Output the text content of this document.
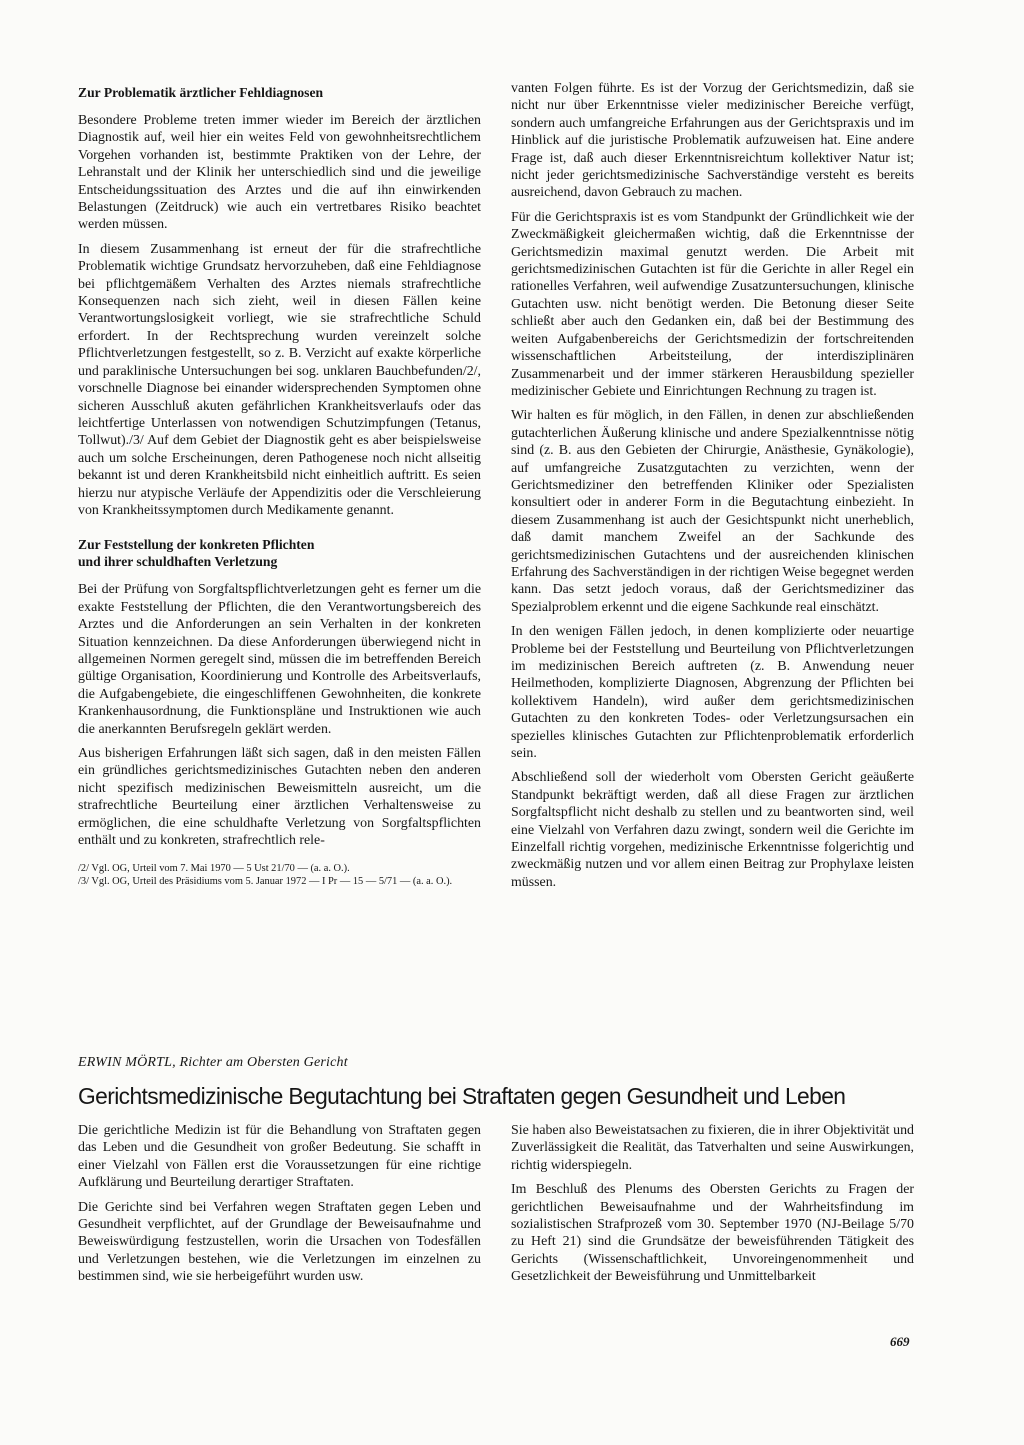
Zur Problematik ärztlicher Fehldiagnosen

Besondere Probleme treten immer wieder im Bereich der ärztlichen Diagnostik auf, weil hier ein weites Feld von gewohnheitsrechtlichem Vorgehen vorhanden ist, bestimmte Praktiken von der Lehre, der Lehranstalt und der Klinik her unterschiedlich sind und die jeweilige Entscheidungssituation des Arztes und die auf ihn einwirkenden Belastungen (Zeitdruck) wie auch ein vertretbares Risiko beachtet werden müssen.

In diesem Zusammenhang ist erneut der für die strafrechtliche Problematik wichtige Grundsatz hervorzuheben, daß eine Fehldiagnose bei pflichtgemäßem Verhalten des Arztes niemals strafrechtliche Konsequenzen nach sich zieht, weil in diesen Fällen keine Verantwortungslosigkeit vorliegt, wie sie strafrechtliche Schuld erfordert. In der Rechtsprechung wurden vereinzelt solche Pflichtverletzungen festgestellt, so z. B. Verzicht auf exakte körperliche und paraklinische Untersuchungen bei sog. unklaren Bauchbefunden/2/, vorschnelle Diagnose bei einander widersprechenden Symptomen ohne sicheren Ausschluß akuten gefährlichen Krankheitsverlaufs oder das leichtfertige Unterlassen von notwendigen Schutzimpfungen (Tetanus, Tollwut)./3/ Auf dem Gebiet der Diagnostik geht es aber beispielsweise auch um solche Erscheinungen, deren Pathogenese noch nicht allseitig bekannt ist und deren Krankheitsbild nicht einheitlich auftritt. Es seien hierzu nur atypische Verläufe der Appendizitis oder die Verschleierung von Krankheitssymptomen durch Medikamente genannt.

Zur Feststellung der konkreten Pflichten
und ihrer schuldhaften Verletzung

Bei der Prüfung von Sorgfaltspflichtverletzungen geht es ferner um die exakte Feststellung der Pflichten, die den Verantwortungsbereich des Arztes und die Anforderungen an sein Verhalten in der konkreten Situation kennzeichnen. Da diese Anforderungen überwiegend nicht in allgemeinen Normen geregelt sind, müssen die im betreffenden Bereich gültige Organisation, Koordinierung und Kontrolle des Arbeitsverlaufs, die Aufgabengebiete, die eingeschliffenen Gewohnheiten, die konkrete Krankenhausordnung, die Funktionspläne und Instruktionen wie auch die anerkannten Berufsregeln geklärt werden.

Aus bisherigen Erfahrungen läßt sich sagen, daß in den meisten Fällen ein gründliches gerichtsmedizinisches Gutachten neben den anderen nicht spezifisch medizinischen Beweismitteln ausreicht, um die strafrechtliche Beurteilung einer ärztlichen Verhaltensweise zu ermöglichen, die eine schuldhafte Verletzung von Sorgfaltspflichten enthält und zu konkreten, strafrechtlich rele-

/2/ Vgl. OG, Urteil vom 7. Mai 1970 — 5 Ust 21/70 — (a. a. O.).
/3/ Vgl. OG, Urteil des Präsidiums vom 5. Januar 1972 — I Pr — 15 — 5/71 — (a. a. O.).

vanten Folgen führte. Es ist der Vorzug der Gerichtsmedizin, daß sie nicht nur über Erkenntnisse vieler medizinischer Bereiche verfügt, sondern auch umfangreiche Erfahrungen aus der Gerichtspraxis und im Hinblick auf die juristische Problematik aufzuweisen hat. Eine andere Frage ist, daß auch dieser Erkenntnisreichtum kollektiver Natur ist; nicht jeder gerichtsmedizinische Sachverständige versteht es bereits ausreichend, davon Gebrauch zu machen.

Für die Gerichtspraxis ist es vom Standpunkt der Gründlichkeit wie der Zweckmäßigkeit gleichermaßen wichtig, daß die Erkenntnisse der Gerichtsmedizin maximal genutzt werden. Die Arbeit mit gerichtsmedizinischen Gutachten ist für die Gerichte in aller Regel ein rationelles Verfahren, weil aufwendige Zusatzuntersuchungen, klinische Gutachten usw. nicht benötigt werden. Die Betonung dieser Seite schließt aber auch den Gedanken ein, daß bei der Bestimmung des weiten Aufgabenbereichs der Gerichtsmedizin der fortschreitenden wissenschaftlichen Arbeitsteilung, der interdisziplinären Zusammenarbeit und der immer stärkeren Herausbildung spezieller medizinischer Gebiete und Einrichtungen Rechnung zu tragen ist.

Wir halten es für möglich, in den Fällen, in denen zur abschließenden gutachterlichen Äußerung klinische und andere Spezialkenntnisse nötig sind (z. B. aus den Gebieten der Chirurgie, Anästhesie, Gynäkologie), auf umfangreiche Zusatzgutachten zu verzichten, wenn der Gerichtsmediziner den betreffenden Kliniker oder Spezialisten konsultiert oder in anderer Form in die Begutachtung einbezieht. In diesem Zusammenhang ist auch der Gesichtspunkt nicht unerheblich, daß damit manchem Zweifel an der Sachkunde des gerichtsmedizinischen Gutachtens und der ausreichenden klinischen Erfahrung des Sachverständigen in der richtigen Weise begegnet werden kann. Das setzt jedoch voraus, daß der Gerichtsmediziner das Spezialproblem erkennt und die eigene Sachkunde real einschätzt.

In den wenigen Fällen jedoch, in denen komplizierte oder neuartige Probleme bei der Feststellung und Beurteilung von Pflichtverletzungen im medizinischen Bereich auftreten (z. B. Anwendung neuer Heilmethoden, komplizierte Diagnosen, Abgrenzung der Pflichten bei kollektivem Handeln), wird außer dem gerichtsmedizinischen Gutachten zu den konkreten Todes- oder Verletzungsursachen ein spezielles klinisches Gutachten zur Pflichtenproblematik erforderlich sein.

Abschließend soll der wiederholt vom Obersten Gericht geäußerte Standpunkt bekräftigt werden, daß all diese Fragen zur ärztlichen Sorgfaltspflicht nicht deshalb zu stellen und zu beantworten sind, weil eine Vielzahl von Verfahren dazu zwingt, sondern weil die Gerichte im Einzelfall richtig vorgehen, medizinische Erkenntnisse folgerichtig und zweckmäßig nutzen und vor allem einen Beitrag zur Prophylaxe leisten müssen.

ERWIN MÖRTL, Richter am Obersten Gericht
Gerichtsmedizinische Begutachtung bei Straftaten gegen Gesundheit und Leben

Die gerichtliche Medizin ist für die Behandlung von Straftaten gegen das Leben und die Gesundheit von großer Bedeutung. Sie schafft in einer Vielzahl von Fällen erst die Voraussetzungen für eine richtige Aufklärung und Beurteilung derartiger Straftaten.

Die Gerichte sind bei Verfahren wegen Straftaten gegen Leben und Gesundheit verpflichtet, auf der Grundlage der Beweisaufnahme und Beweiswürdigung festzustellen, worin die Ursachen von Todesfällen und Verletzungen bestehen, wie die Verletzungen im einzelnen zu bestimmen sind, wie sie herbeigeführt wurden usw.

Sie haben also Beweistatsachen zu fixieren, die in ihrer Objektivität und Zuverlässigkeit die Realität, das Tatverhalten und seine Auswirkungen, richtig widerspiegeln.

Im Beschluß des Plenums des Obersten Gerichts zu Fragen der gerichtlichen Beweisaufnahme und der Wahrheitsfindung im sozialistischen Strafprozeß vom 30. September 1970 (NJ-Beilage 5/70 zu Heft 21) sind die Grundsätze der beweisführenden Tätigkeit des Gerichts (Wissenschaftlichkeit, Unvoreingenommenheit und Gesetzlichkeit der Beweisführung und Unmittelbarkeit

669
